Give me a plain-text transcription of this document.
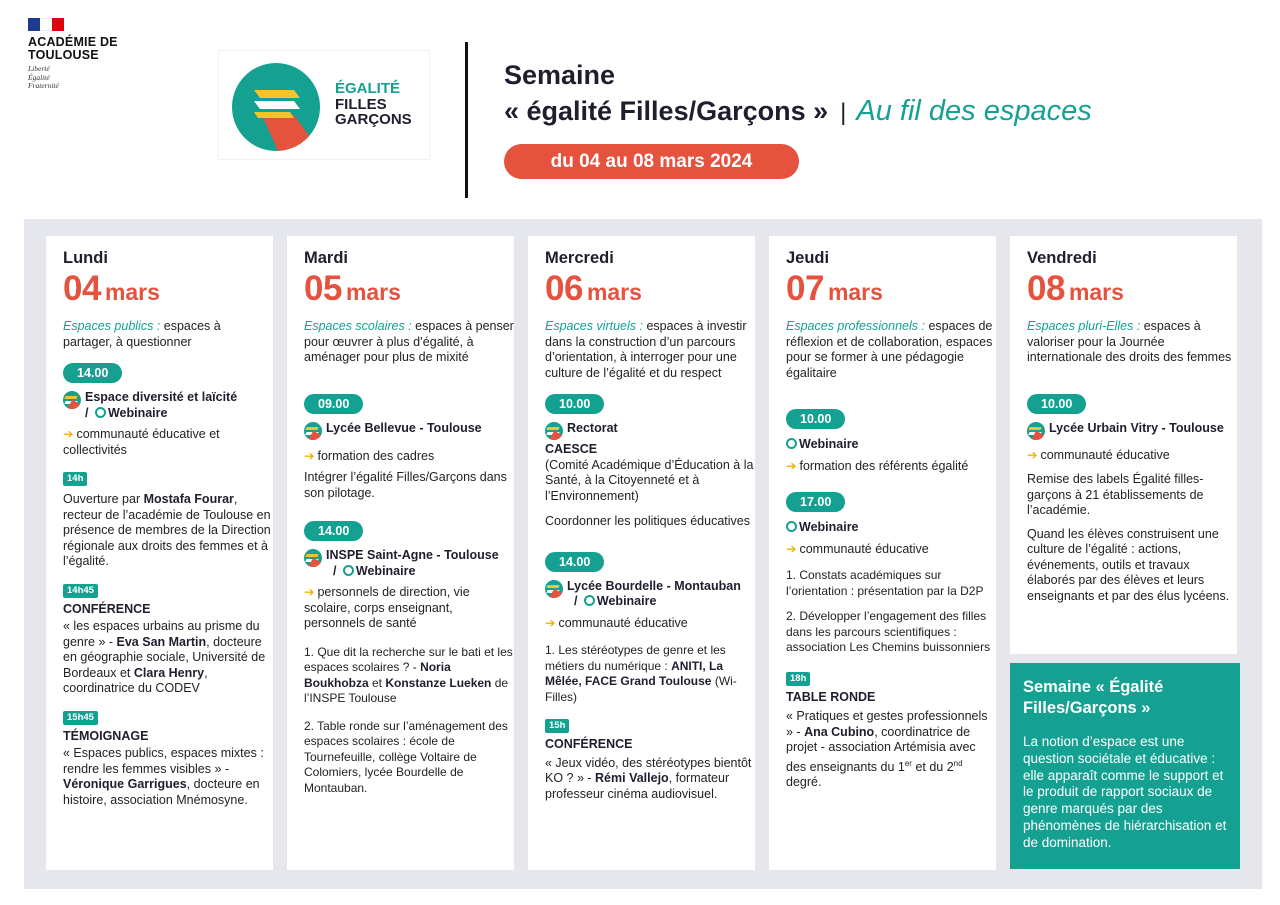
ACADÉMIE DE TOULOUSE
Liberté
Égalité
Fraternité	ÉGALITÉ
FILLES
GARÇONS
Semaine
« égalité Filles/Garçons » | Au fil des espaces
du 04 au 08 mars 2024
Lundi
04 mars
Espaces publics : espaces à partager, à questionner
14.00
Espace diversité et laïcité
/ Webinaire
➔ communauté éducative et collectivités
14h
Ouverture par Mostafa Fourar, recteur de l’académie de Toulouse en présence de membres de la Direction régionale aux droits des femmes et à l’égalité.
14h45
CONFÉRENCE
« les espaces urbains au prisme du genre » - Eva San Martin, docteure en géographie sociale, Université de Bordeaux et Clara Henry, coordinatrice du CODEV
15h45
TÉMOIGNAGE
« Espaces publics, espaces mixtes : rendre les femmes visibles » - Véronique Garrigues, docteure en histoire, association Mnémosyne.
Mardi
05 mars
Espaces scolaires : espaces à penser pour œuvrer à plus d’égalité, à aménager pour plus de mixité
09.00
Lycée Bellevue - Toulouse
➔ formation des cadres
Intégrer l’égalité Filles/Garçons dans son pilotage.
14.00
INSPE Saint-Agne - Toulouse
/ Webinaire
➔ personnels de direction, vie scolaire, corps enseignant, personnels de santé
1. Que dit la recherche sur le bati et les espaces scolaires ? - Noria Boukhobza et Konstanze Lueken de l’INSPE Toulouse
2. Table ronde sur l’aménagement des espaces scolaires : école de Tournefeuille, collège Voltaire de Colomiers, lycée Bourdelle de Montauban.
Mercredi
06 mars
Espaces virtuels : espaces à investir dans la construction d’un parcours d’orientation, à interroger pour une culture de l’égalité et du respect
10.00
Rectorat
CAESCE
(Comité Académique d’Éducation à la Santé, à la Citoyenneté et à l’Environnement)
Coordonner les politiques éducatives
14.00
Lycée Bourdelle - Montauban
/ Webinaire
➔ communauté éducative
1. Les stéréotypes de genre et les métiers du numérique : ANITI, La Mêlée, FACE Grand Toulouse (Wi-Filles)
15h
CONFÉRENCE
« Jeux vidéo, des stéréotypes bientôt KO ? » - Rémi Vallejo, formateur professeur cinéma audiovisuel.
Jeudi
07 mars
Espaces professionnels : espaces de réflexion et de collaboration, espaces pour se former à une pédagogie égalitaire
10.00
Webinaire
➔ formation des référents égalité
17.00
Webinaire
➔ communauté éducative
1. Constats académiques sur l’orientation : présentation par la D2P
2. Développer l’engagement des filles dans les parcours scientifiques : association Les Chemins buissonniers
18h
TABLE RONDE
« Pratiques et gestes professionnels » - Ana Cubino, coordinatrice de projet - association Artémisia avec des enseignants du 1er et du 2nd degré.
Vendredi
08 mars
Espaces pluri-Elles : espaces à valoriser pour la Journée internationale des droits des femmes
10.00
Lycée Urbain Vitry - Toulouse
➔ communauté éducative
Remise des labels Égalité filles-garçons à 21 établissements de l’académie.
Quand les élèves construisent une culture de l’égalité : actions, événements, outils et travaux élaborés par des élèves et leurs enseignants et par des élus lycéens.
Semaine « Égalité Filles/Garçons »
La notion d’espace est une question sociétale et éducative : elle apparaît comme le support et le produit de rapport sociaux de genre marqués par des phénomènes de hiérarchisation et de domination.
